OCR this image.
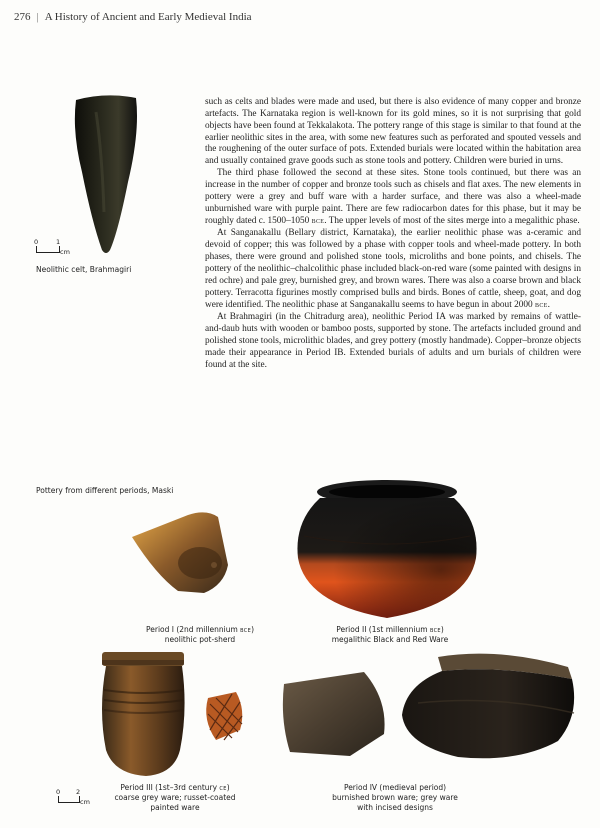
276 | A History of Ancient and Early Medieval India

such as celts and blades were made and used, but there is also evidence of many copper and bronze artefacts. The Karnataka region is well-known for its gold mines, so it is not surprising that gold objects have been found at Tekkalakota. The pottery range of this stage is similar to that found at the earlier neolithic sites in the area, with some new features such as perforated and spouted vessels and the roughening of the outer surface of pots. Extended burials were located within the habitation area and usually contained grave goods such as stone tools and pottery. Children were buried in urns.

The third phase followed the second at these sites. Stone tools continued, but there was an increase in the number of copper and bronze tools such as chisels and flat axes. The new elements in pottery were a grey and buff ware with a harder surface, and there was also a wheel-made unburnished ware with purple paint. There are few radiocarbon dates for this phase, but it may be roughly dated c. 1500–1050 bce. The upper levels of most of the sites merge into a megalithic phase.

At Sanganakallu (Bellary district, Karnataka), the earlier neolithic phase was a-ceramic and devoid of copper; this was followed by a phase with copper tools and wheel-made pottery. In both phases, there were ground and polished stone tools, microliths and bone points, and chisels. The pottery of the neolithic–chalcolithic phase included black-on-red ware (some painted with designs in red ochre) and pale grey, burnished grey, and brown wares. There was also a coarse brown and black pottery. Terracotta figurines mostly comprised bulls and birds. Bones of cattle, sheep, goat, and dog were identified. The neolithic phase at Sanganakallu seems to have begun in about 2000 bce.

At Brahmagiri (in the Chitradurg area), neolithic Period IA was marked by remains of wattle-and-daub huts with wooden or bamboo posts, supported by stone. The artefacts included ground and polished stone tools, microlithic blades, and grey pottery (mostly handmade). Copper–bronze objects made their appearance in Period IB. Extended burials of adults and urn burials of children were found at the site.

0	1
cm
Neolithic celt, Brahmagiri
Pottery from different periods, Maski
Period I (2nd millennium bce)
neolithic pot-sherd
Period II (1st millennium bce)
megalithic Black and Red Ware
0 2
cm
Period III (1st–3rd century ce)
coarse grey ware; russet-coated
painted ware
Period IV (medieval period)
burnished brown ware; grey ware
with incised designs
